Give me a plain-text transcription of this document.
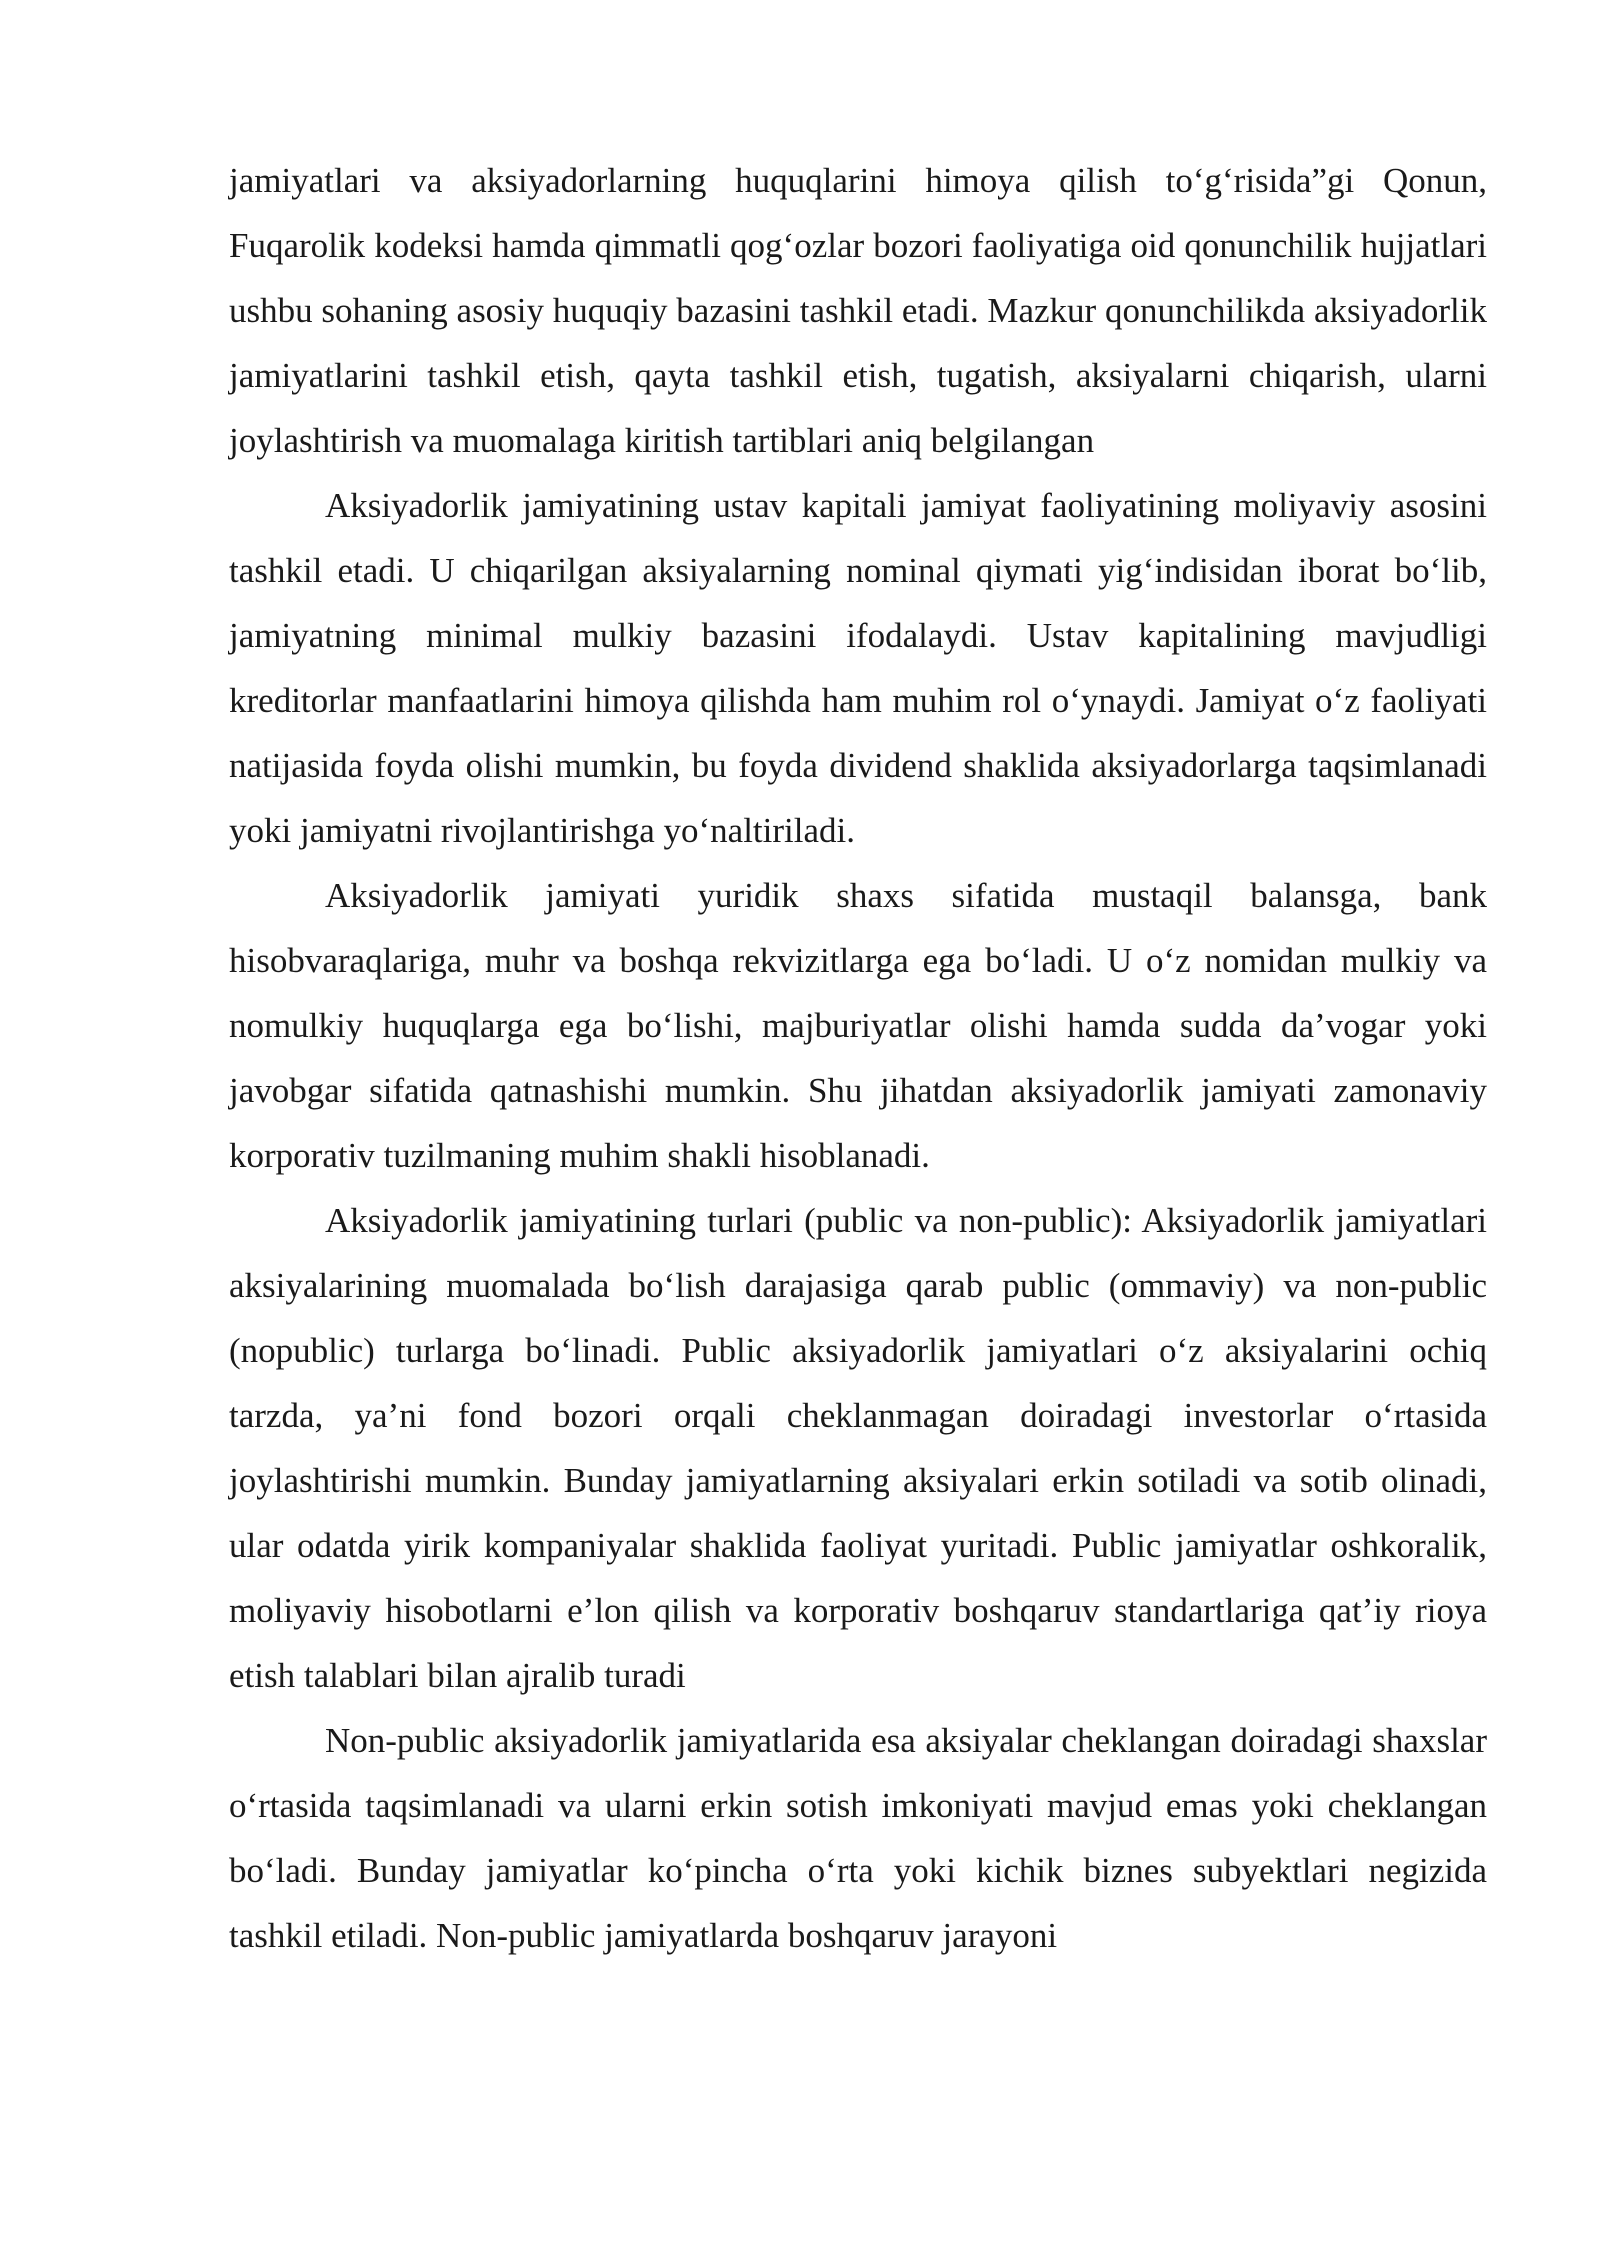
jamiyatlari va aksiyadorlarning huquqlarini himoya qilish to‘g‘risida”gi Qonun, Fuqarolik kodeksi hamda qimmatli qog‘ozlar bozori faoliyatiga oid qonunchilik hujjatlari ushbu sohaning asosiy huquqiy bazasini tashkil etadi. Mazkur qonunchilikda aksiyadorlik jamiyatlarini tashkil etish, qayta tashkil etish, tugatish, aksiyalarni chiqarish, ularni joylashtirish va muomalaga kiritish tartiblari aniq belgilangan

Aksiyadorlik jamiyatining ustav kapitali jamiyat faoliyatining moliyaviy asosini tashkil etadi. U chiqarilgan aksiyalarning nominal qiymati yig‘indisidan iborat bo‘lib, jamiyatning minimal mulkiy bazasini ifodalaydi. Ustav kapitalining mavjudligi kreditorlar manfaatlarini himoya qilishda ham muhim rol o‘ynaydi. Jamiyat o‘z faoliyati natijasida foyda olishi mumkin, bu foyda dividend shaklida aksiyadorlarga taqsimlanadi yoki jamiyatni rivojlantirishga yo‘naltiriladi.

Aksiyadorlik jamiyati yuridik shaxs sifatida mustaqil balansga, bank hisobvaraqlariga, muhr va boshqa rekvizitlarga ega bo‘ladi. U o‘z nomidan mulkiy va nomulkiy huquqlarga ega bo‘lishi, majburiyatlar olishi hamda sudda da’vogar yoki javobgar sifatida qatnashishi mumkin. Shu jihatdan aksiyadorlik jamiyati zamonaviy korporativ tuzilmaning muhim shakli hisoblanadi.

Aksiyadorlik jamiyatining turlari (public va non-public): Aksiyadorlik jamiyatlari aksiyalarining muomalada bo‘lish darajasiga qarab public (ommaviy) va non-public (nopublic) turlarga bo‘linadi. Public aksiyadorlik jamiyatlari o‘z aksiyalarini ochiq tarzda, ya’ni fond bozori orqali cheklanmagan doiradagi investorlar o‘rtasida joylashtirishi mumkin. Bunday jamiyatlarning aksiyalari erkin sotiladi va sotib olinadi, ular odatda yirik kompaniyalar shaklida faoliyat yuritadi. Public jamiyatlar oshkoralik, moliyaviy hisobotlarni e’lon qilish va korporativ boshqaruv standartlariga qat’iy rioya etish talablari bilan ajralib turadi

Non-public aksiyadorlik jamiyatlarida esa aksiyalar cheklangan doiradagi shaxslar o‘rtasida taqsimlanadi va ularni erkin sotish imkoniyati mavjud emas yoki cheklangan bo‘ladi. Bunday jamiyatlar ko‘pincha o‘rta yoki kichik biznes subyektlari negizida tashkil etiladi. Non-public jamiyatlarda boshqaruv jarayoni
